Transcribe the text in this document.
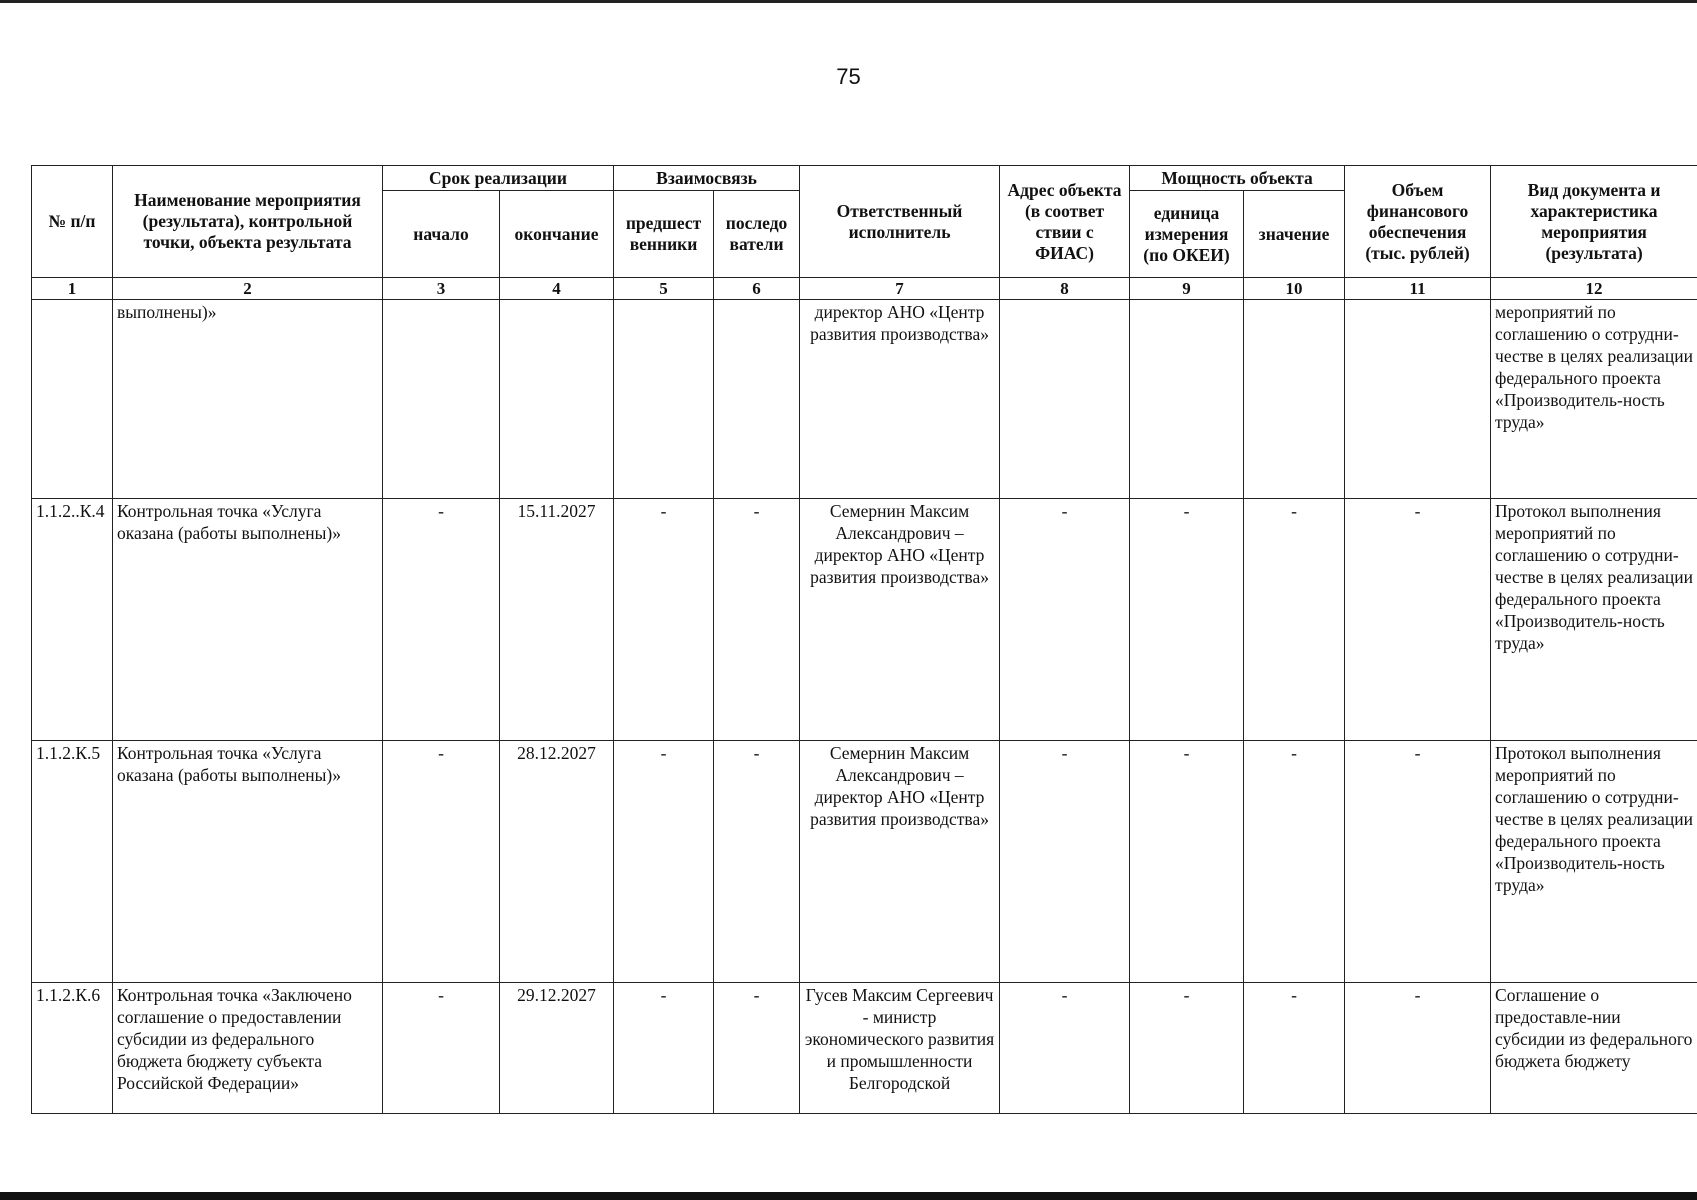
75
№ п/п	Наименование мероприятия (результата), контрольной точки, объекта результата	Срок реализации		Взаимосвязь		Ответственный исполнитель	Адрес объекта (в соответ ствии с ФИАС)	Мощность объекта		Объем финансового обеспечения (тыс. рублей)	Вид документа и характеристика мероприятия (результата)
		начало	окончание	предшест венники	последо ватели			единица измерения (по ОКЕИ)	значение		
1	2	3	4	5	6	7	8	9	10	11	12
	выполнены)»					директор АНО «Центр развития производства»					мероприятий по соглашению о сотрудни-честве в целях реализации федерального проекта «Производитель-ность труда»
1.1.2..К.4	Контрольная точка «Услуга оказана (работы выполнены)»	-	15.11.2027	-	-	Семернин Максим Александрович – директор АНО «Центр развития производства»	-	-	-	-	Протокол выполнения мероприятий по соглашению о сотрудни-честве в целях реализации федерального проекта «Производитель-ность труда»
1.1.2.К.5	Контрольная точка «Услуга оказана (работы выполнены)»	-	28.12.2027	-	-	Семернин Максим Александрович – директор АНО «Центр развития производства»	-	-	-	-	Протокол выполнения мероприятий по соглашению о сотрудни-честве в целях реализации федерального проекта «Производитель-ность труда»
1.1.2.К.6	Контрольная точка «Заключено соглашение о предоставлении субсидии из федерального бюджета бюджету субъекта Российской Федерации»	-	29.12.2027	-	-	Гусев Максим Сергеевич - министр экономического развития и промышленности Белгородской	-	-	-	-	Соглашение о предоставле-нии субсидии из федерального бюджета бюджету
